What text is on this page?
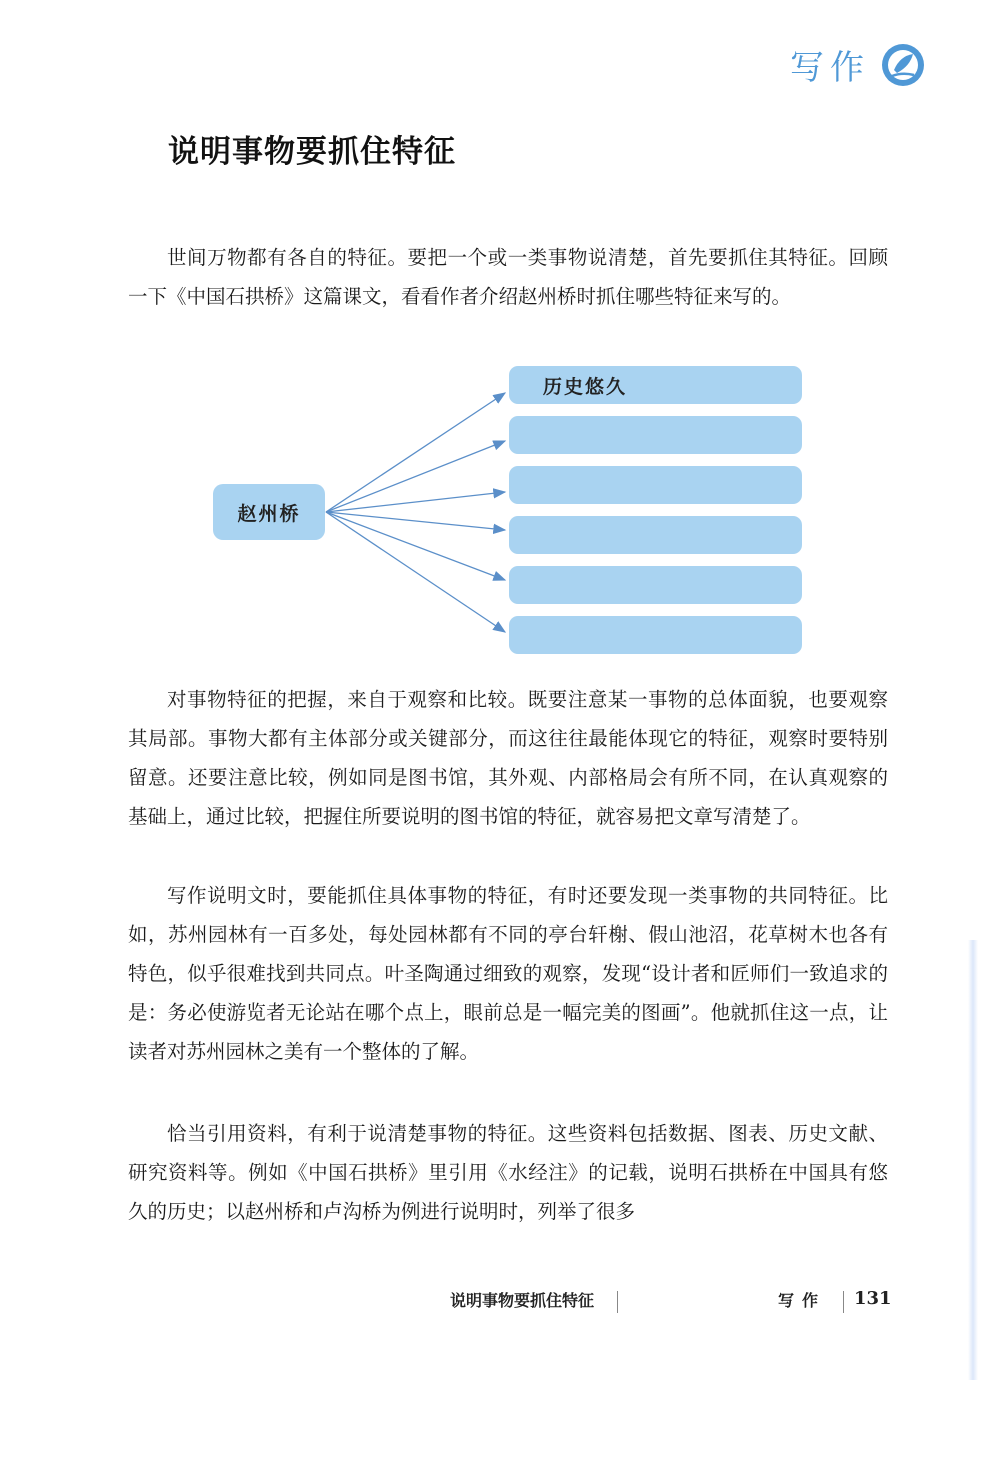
写作
说明事物要抓住特征

世间万物都有各自的特征。要把一个或一类事物说清楚，首先要抓住其特征。回顾一下《中国石拱桥》这篇课文，看看作者介绍赵州桥时抓住哪些特征来写的。

赵州桥
历史悠久

对事物特征的把握，来自于观察和比较。既要注意某一事物的总体面貌，也要观察其局部。事物大都有主体部分或关键部分，而这往往最能体现它的特征，观察时要特别留意。还要注意比较，例如同是图书馆，其外观、内部格局会有所不同，在认真观察的基础上，通过比较，把握住所要说明的图书馆的特征，就容易把文章写清楚了。

写作说明文时，要能抓住具体事物的特征，有时还要发现一类事物的共同特征。比如，苏州园林有一百多处，每处园林都有不同的亭台轩榭、假山池沼，花草树木也各有特色，似乎很难找到共同点。叶圣陶通过细致的观察，发现“设计者和匠师们一致追求的是：务必使游览者无论站在哪个点上，眼前总是一幅完美的图画”。他就抓住这一点，让读者对苏州园林之美有一个整体的了解。

恰当引用资料，有利于说清楚事物的特征。这些资料包括数据、图表、历史文献、研究资料等。例如《中国石拱桥》里引用《水经注》的记载，说明石拱桥在中国具有悠久的历史；以赵州桥和卢沟桥为例进行说明时，列举了很多

说明事物要抓住特征	写作 131
